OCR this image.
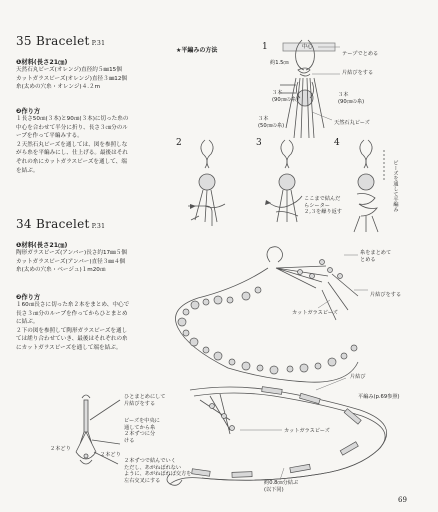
35 Bracelet P.31
❶材料(長さ21㎝)
天然石丸ビーズ(オレンジ)直径約５㎜15個
カットガラスビーズ(オレンジ)直径３㎜12個
糸(太めの穴糸・オレンジ)４.２m
❷作り方
１長さ50㎝(３本)と90㎝(３本)に切った糸の
中心を合わせて半分に折り、長さ３㎝分のル
ープを作って平編みする。
２天然石丸ビーズを通しては、図を参照しな
がら糸を平編みにし、仕上げる。最後はそれ
ぞれの糸にカットガラスビーズを通して、端
を結ぶ。
34 Bracelet P.31
❶材料(長さ21㎝)
陶形ガラスビーズ(アンバー)長さ約17㎜５個
カットガラスビーズ(アンバー)直径３㎜４個
糸(太めの穴糸・ベージュ)１m20㎝
❷作り方
１60㎝長さに切った糸２本をまとめ、中心で
長さ３㎝分のループを作ってからひとまとめ
に結ぶ。
２下の図を参照して陶形ガラスビーズを通し
ては縒り合わせていき、最後はそれぞれの糸
にカットガラスビーズを通して端を結ぶ。
★平編みの方法	1
2	3	4
中心
テープでとめる
約1.5㎝
片結びをする
３本
(90㎝の糸)
３本
(90㎝の糸)
３本
(50㎝の糸)	天然石丸ビーズ
ここまで結んだ
らシーター
２,３を繰り返す	ビーズを通して平編み
糸をまとめて
とめる
片結びをする
カットガラスビーズ
ひとまとめにして
片結びをする
ビーズを中央に
通してから糸
２本ずつに分
ける
２本どり
２本どり
２本ずつで結んでいく
ただし、あがねばれない
ように、あがねばれば交方を
左右交叉にする
片結び
平編み(p.69参照)
カットガラスビーズ
約0.8㎝分結ぶ
(以下同)
69
